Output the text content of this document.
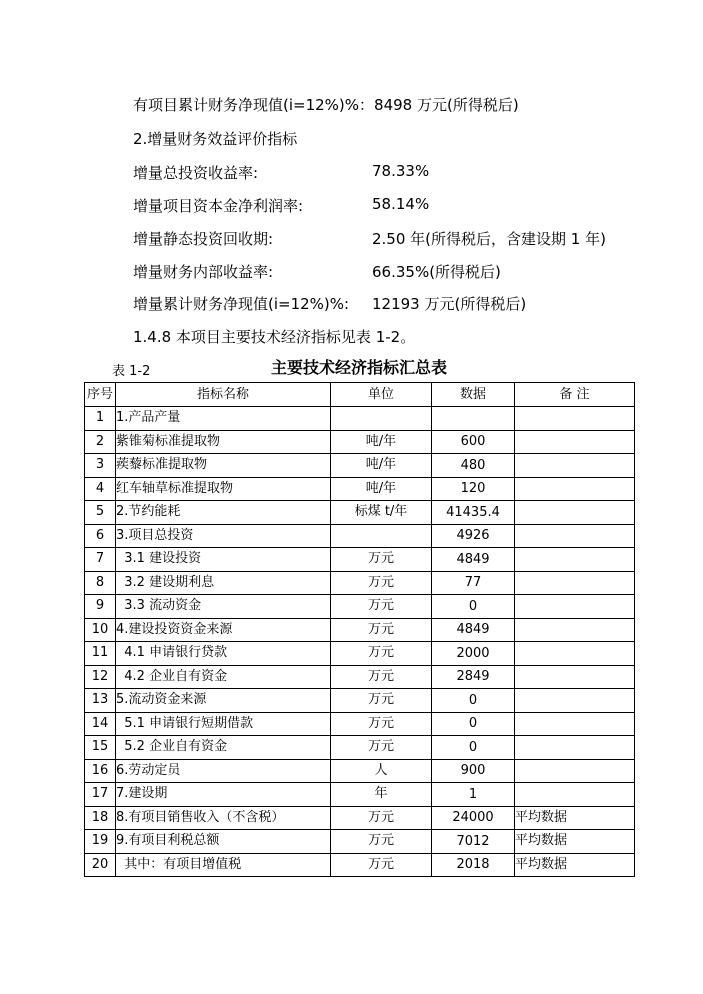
有项目累计财务净现值(i=12%)%：8498 万元(所得税后)
2.增量财务效益评价指标
增量总投资收益率:	78.33%
增量项目资本金净利润率:	58.14%
增量静态投资回收期:	2.50 年(所得税后，含建设期 1 年)
增量财务内部收益率:	66.35%(所得税后)
增量累计财务净现值(i=12%)%: 12193 万元(所得税后)
1.4.8 本项目主要技术经济指标见表 1-2。
表 1-2	主要技术经济指标汇总表
序号	指标名称	单位	数据	备 注
1	1.产品产量			
2	紫锥菊标准提取物	吨/年	600	
3	蒺藜标准提取物	吨/年	480	
4	红车轴草标准提取物	吨/年	120	
5	2.节约能耗	标煤 t/年	41435.4	
6	3.项目总投资		4926	
7	3.1 建设投资	万元	4849	
8	3.2 建设期利息	万元	77	
9	3.3 流动资金	万元	0	
10	4.建设投资资金来源	万元	4849	
11	4.1 申请银行贷款	万元	2000	
12	4.2 企业自有资金	万元	2849	
13	5.流动资金来源	万元	0	
14	5.1 申请银行短期借款	万元	0	
15	5.2 企业自有资金	万元	0	
16	6.劳动定员	人	900	
17	7.建设期	年	1	
18	8.有项目销售收入（不含税）	万元	24000	平均数据
19	9.有项目利税总额	万元	7012	平均数据
20	其中：有项目增值税	万元	2018	平均数据
